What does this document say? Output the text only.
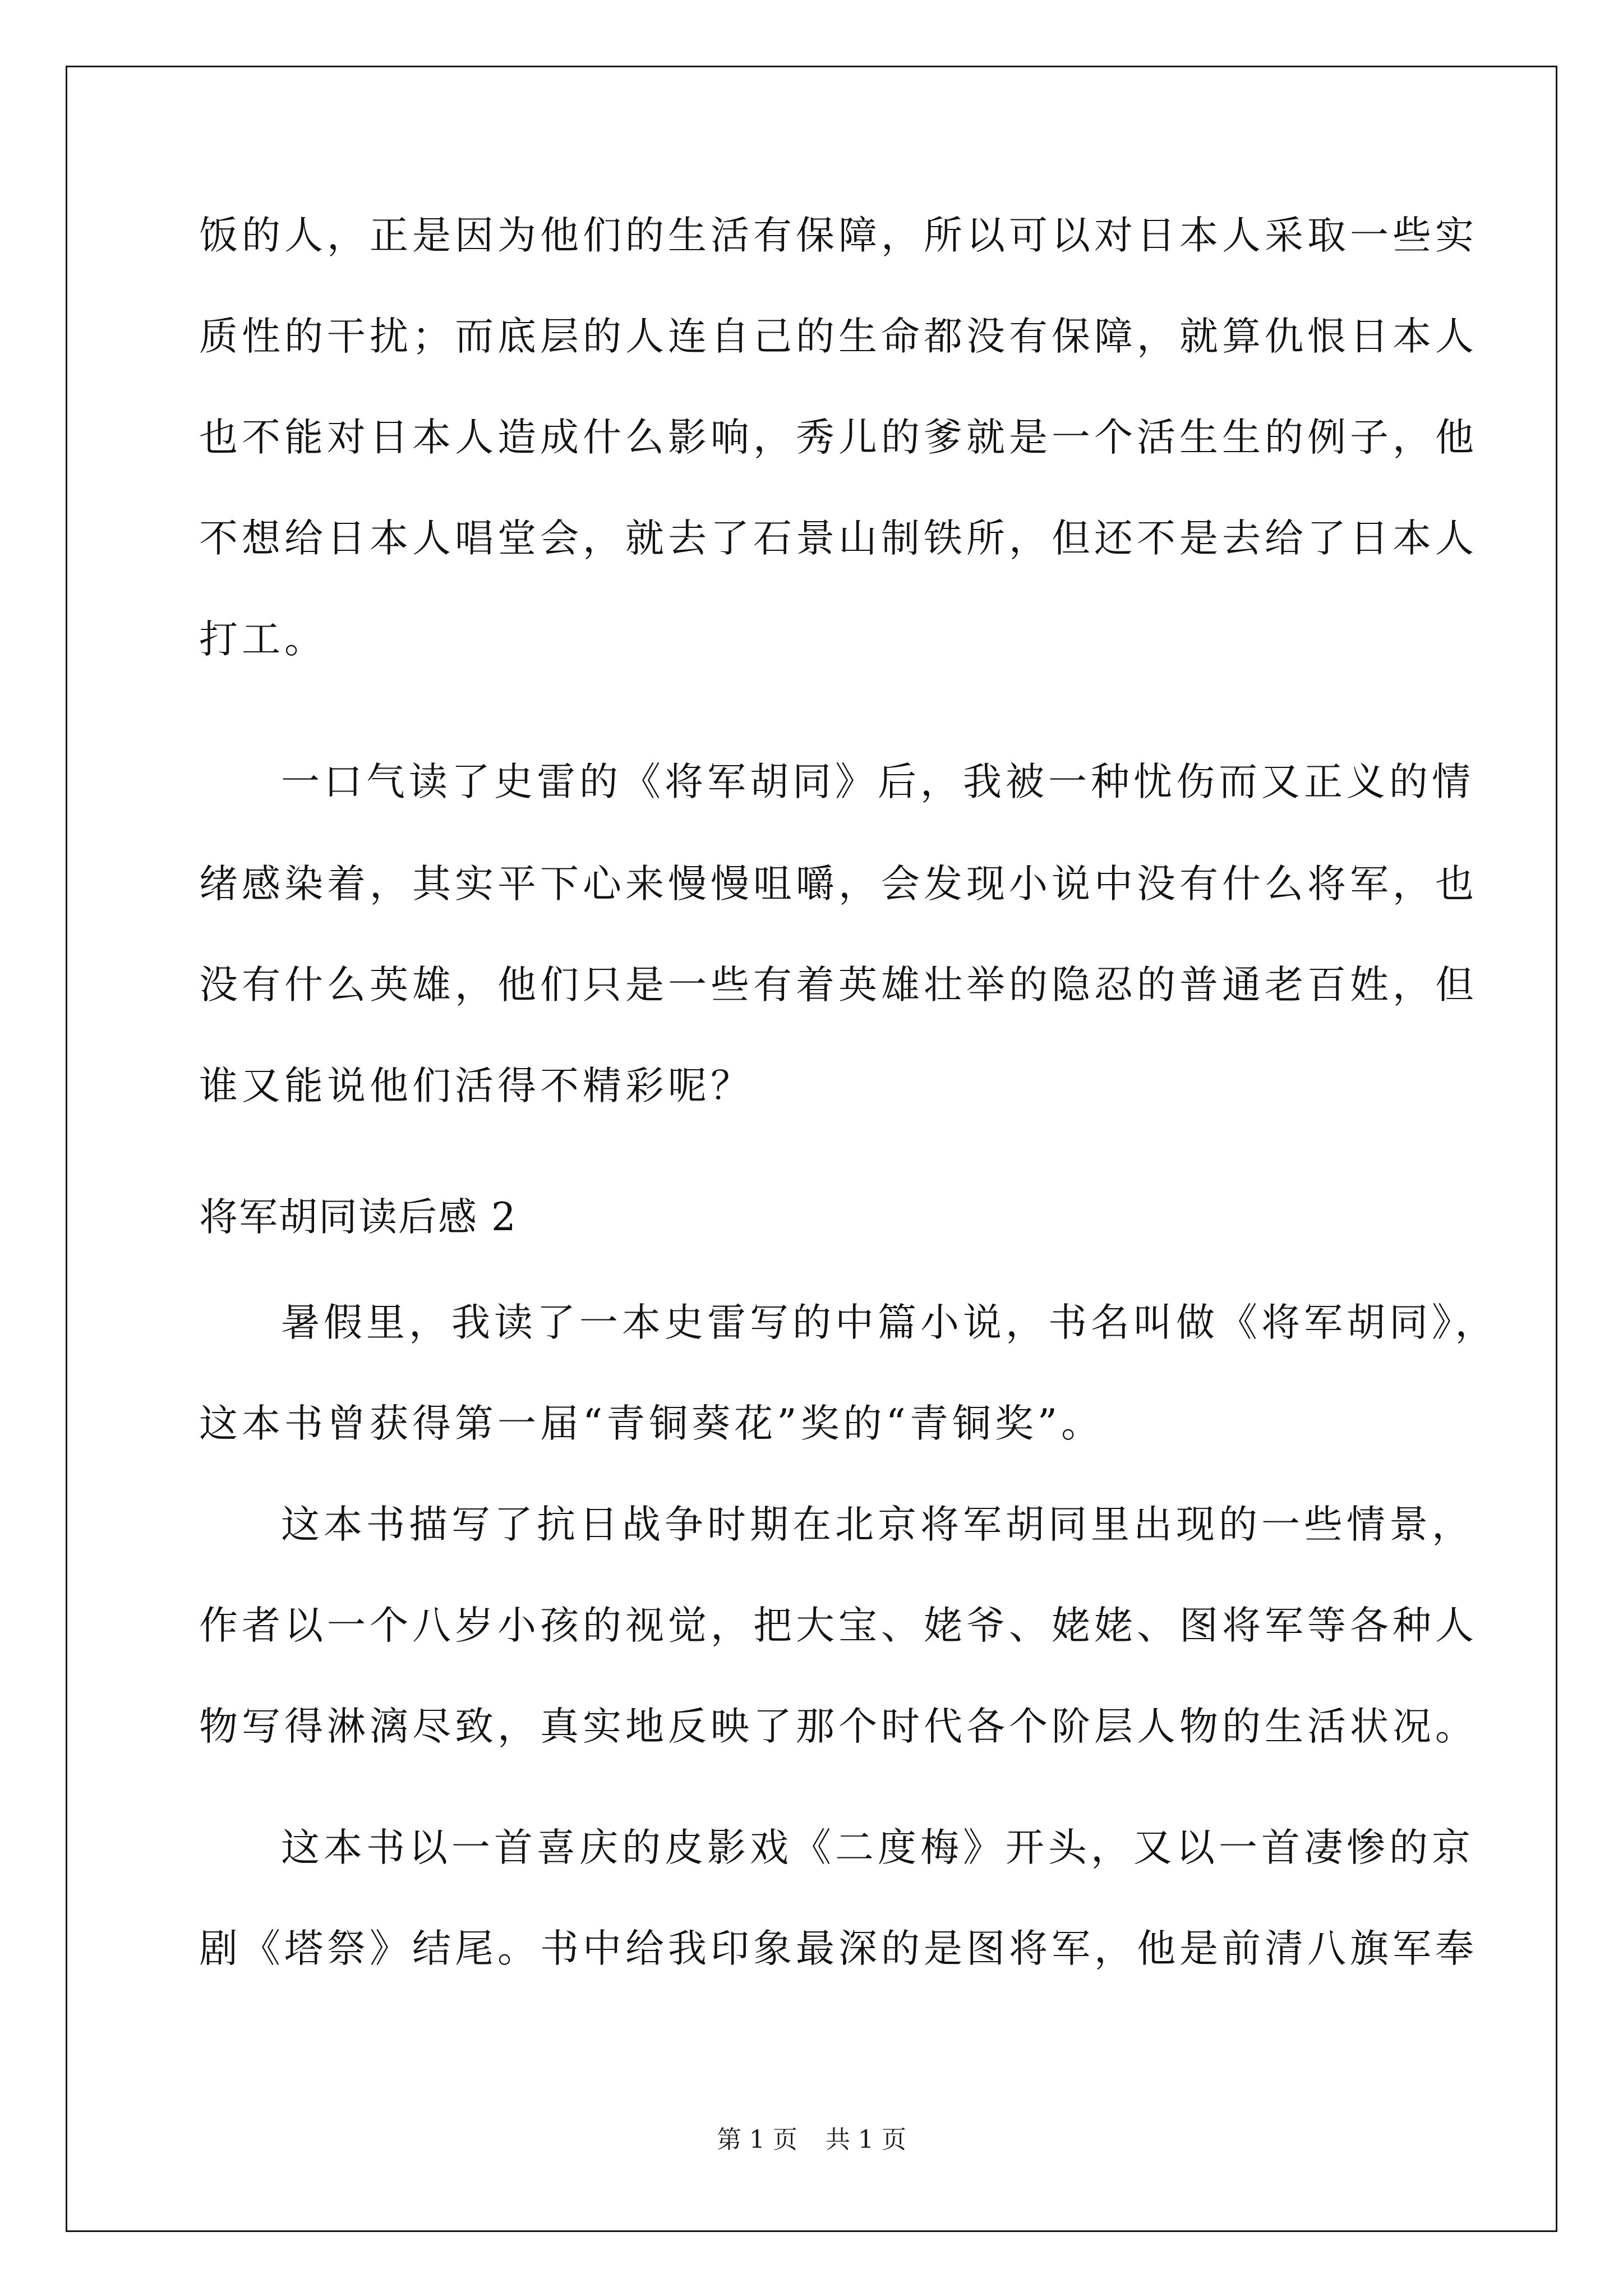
饭的人，正是因为他们的生活有保障，所以可以对日本人采取一些实
质性的干扰；而底层的人连自己的生命都没有保障，就算仇恨日本人
也不能对日本人造成什么影响，秀儿的爹就是一个活生生的例子，他
不想给日本人唱堂会，就去了石景山制铁所，但还不是去给了日本人
打工。
一口气读了史雷的《将军胡同》后，我被一种忧伤而又正义的情
绪感染着，其实平下心来慢慢咀嚼，会发现小说中没有什么将军，也
没有什么英雄，他们只是一些有着英雄壮举的隐忍的普通老百姓，但
谁又能说他们活得不精彩呢？
将军胡同读后感 2
暑假里，我读了一本史雷写的中篇小说，书名叫做《将军胡同》，
这本书曾获得第一届“青铜葵花”奖的“青铜奖”。
这本书描写了抗日战争时期在北京将军胡同里出现的一些情景，
作者以一个八岁小孩的视觉，把大宝、姥爷、姥姥、图将军等各种人
物写得淋漓尽致，真实地反映了那个时代各个阶层人物的生活状况。
这本书以一首喜庆的皮影戏《二度梅》开头，又以一首凄惨的京
剧《塔祭》结尾。书中给我印象最深的是图将军，他是前清八旗军奉
第 1 页 共 1 页
